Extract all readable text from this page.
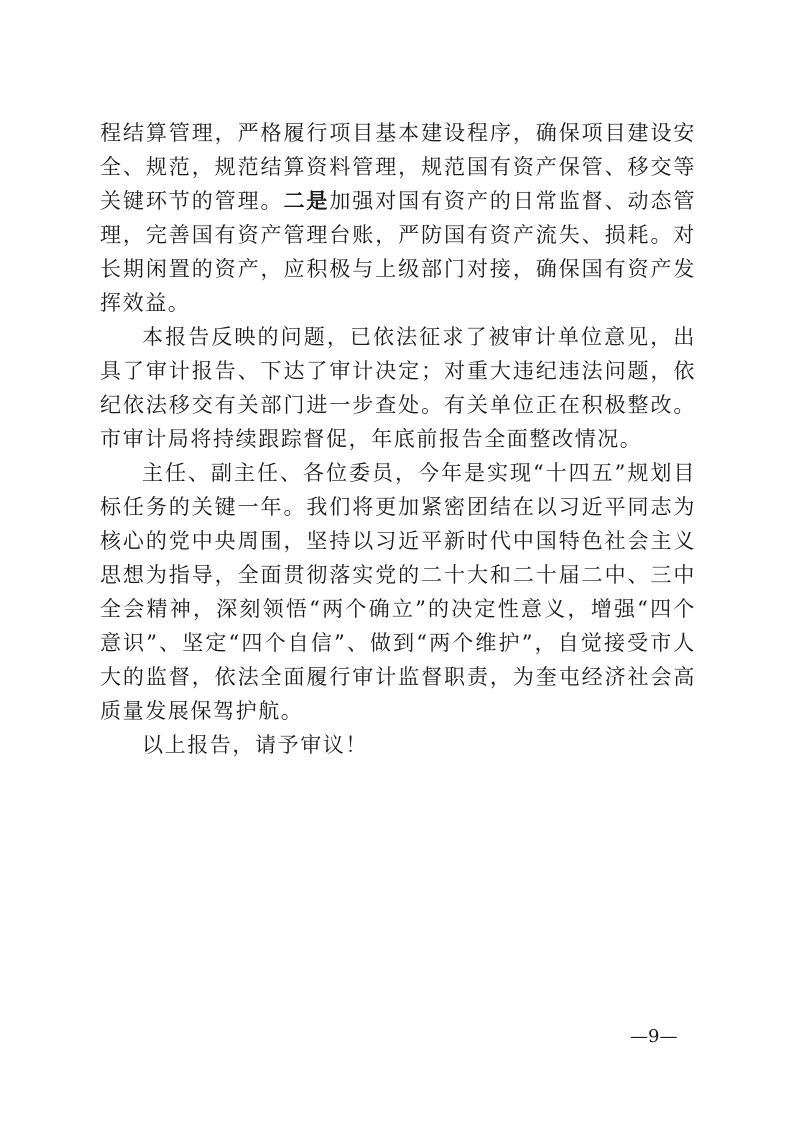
程结算管理，严格履行项目基本建设程序，确保项目建设安全、规范，规范结算资料管理，规范国有资产保管、移交等关键环节的管理。二是加强对国有资产的日常监督、动态管理，完善国有资产管理台账，严防国有资产流失、损耗。对长期闲置的资产，应积极与上级部门对接，确保国有资产发挥效益。

本报告反映的问题，已依法征求了被审计单位意见，出具了审计报告、下达了审计决定；对重大违纪违法问题，依纪依法移交有关部门进一步查处。有关单位正在积极整改。市审计局将持续跟踪督促，年底前报告全面整改情况。

主任、副主任、各位委员，今年是实现“十四五”规划目标任务的关键一年。我们将更加紧密团结在以习近平同志为核心的党中央周围，坚持以习近平新时代中国特色社会主义思想为指导，全面贯彻落实党的二十大和二十届二中、三中全会精神，深刻领悟“两个确立”的决定性意义，增强“四个意识”、坚定“四个自信”、做到“两个维护”，自觉接受市人大的监督，依法全面履行审计监督职责，为奎屯经济社会高质量发展保驾护航。

以上报告，请予审议！

—9—
